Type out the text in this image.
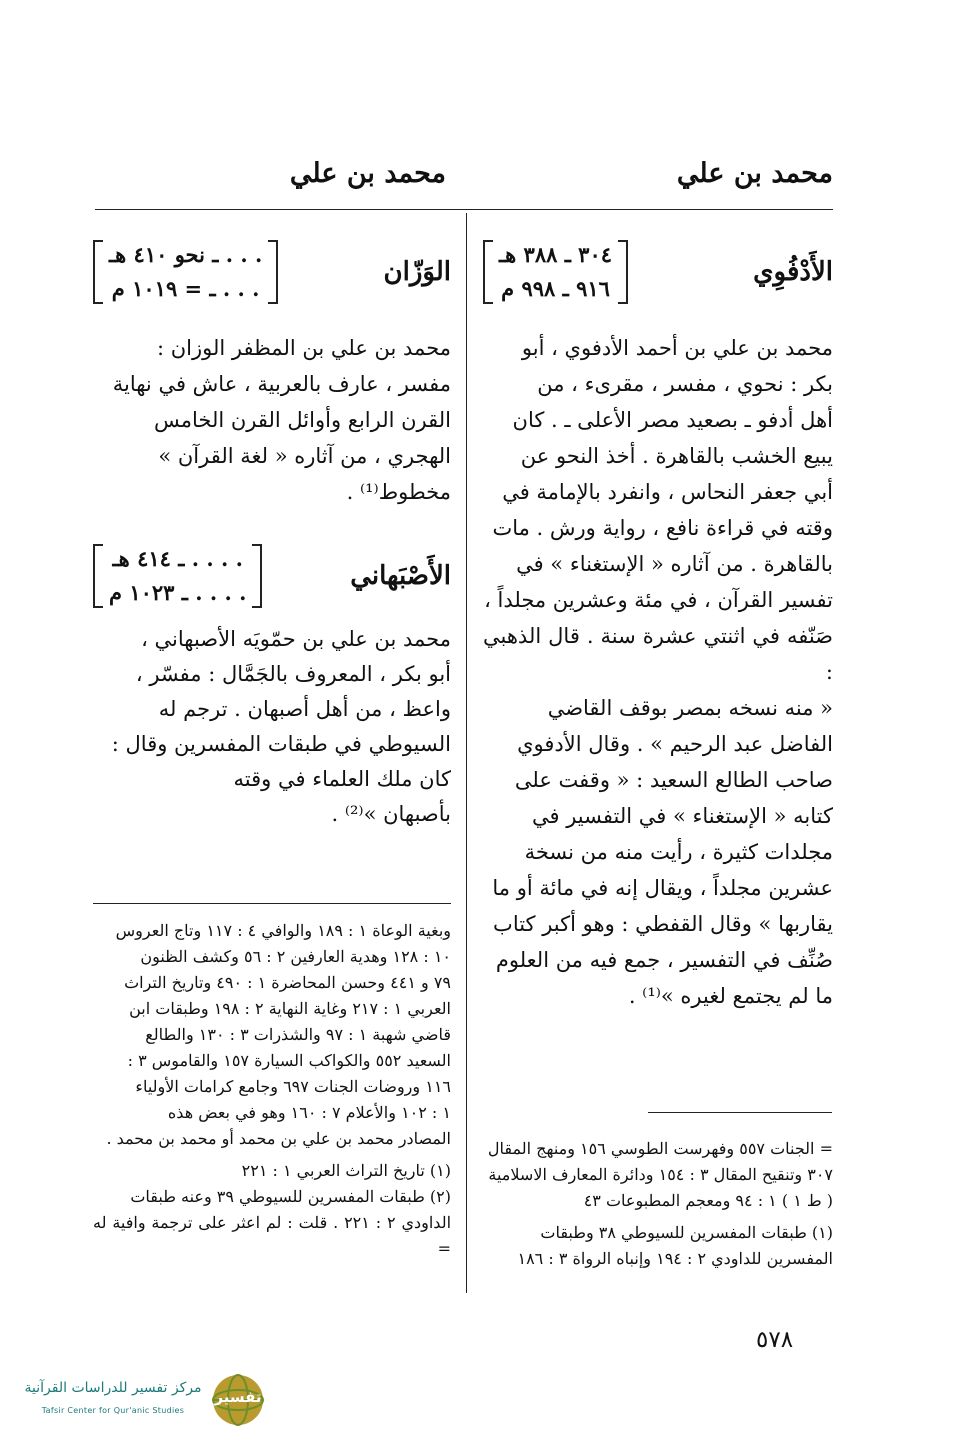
محمد بن علي
محمد بن علي
الأَدْفُوِي
٣٠٤ ـ ٣٨٨ هـ
٩١٦ ـ ٩٩٨ م
محمد بن علي بن أحمد الأدفوي ، أبو
بكر : نحوي ، مفسر ، مقرىء ، من
أهل أدفو ـ بصعيد مصر الأعلى ـ . كان
يبيع الخشب بالقاهرة . أخذ النحو عن
أبي جعفر النحاس ، وانفرد بالإمامة في
وقته في قراءة نافع ، رواية ورش . مات
بالقاهرة . من آثاره « الإستغناء » في
تفسير القرآن ، في مئة وعشرين مجلداً ،
صَنّفه في اثنتي عشرة سنة . قال الذهبي :
« منه نسخه بمصر بوقف القاضي
الفاضل عبد الرحيم » . وقال الأدفوي
صاحب الطالع السعيد : « وقفت على
كتابه « الإستغناء » في التفسير في
مجلدات كثيرة ، رأيت منه من نسخة
عشرين مجلداً ، ويقال إنه في مائة أو ما
يقاربها » وقال القفطي : وهو أكبر كتاب
صُنِّف في التفسير ، جمع فيه من العلوم
ما لم يجتمع لغيره »⁽¹⁾ .
الوَزّان
. . . ـ نحو ٤١٠ هـ
. . . ـ = ١٠١٩ م
محمد بن علي بن المظفر الوزان :
مفسر ، عارف بالعربية ، عاش في نهاية
القرن الرابع وأوائل القرن الخامس
الهجري ، من آثاره « لغة القرآن »
مخطوط⁽¹⁾ .
الأَصْبَهاني
. . . . ـ ٤١٤ هـ
. . . . ـ ١٠٢٣ م
محمد بن علي بن حمّويَه الأصبهاني ،
أبو بكر ، المعروف بالجَمَّال : مفسّر ،
واعظ ، من أهل أصبهان . ترجم له
السيوطي في طبقات المفسرين وقال :
كان ملك العلماء في وقته
بأصبهان »⁽²⁾ .

= الجنات ٥٥٧ وفهرست الطوسي ١٥٦ ومنهج المقال

٣٠٧ وتنقيح المقال ٣ : ١٥٤ ودائرة المعارف الاسلامية

( ط ١ ) ١ : ٩٤ ومعجم المطبوعات ٤٣

(١) طبقات المفسرين للسيوطي ٣٨ وطبقات

المفسرين للداودي ٢ : ١٩٤ وإنباه الرواة ٣ : ١٨٦

وبغية الوعاة ١ : ١٨٩ والوافي ٤ : ١١٧ وتاج العروس

١٠ : ١٢٨ وهدية العارفين ٢ : ٥٦ وكشف الظنون

٧٩ و ٤٤١ وحسن المحاضرة ١ : ٤٩٠ وتاريخ التراث

العربي ١ : ٢١٧ وغاية النهاية ٢ : ١٩٨ وطبقات ابن

قاضي شهبة ١ : ٩٧ والشذرات ٣ : ١٣٠ والطالع

السعيد ٥٥٢ والكواكب السيارة ١٥٧ والقاموس ٣ :

١١٦ وروضات الجنات ٦٩٧ وجامع كرامات الأولياء

١ : ١٠٢ والأعلام ٧ : ١٦٠ وهو في بعض هذه

المصادر محمد بن علي بن محمد أو محمد بن محمد .

(١) تاريخ التراث العربي ١ : ٢٢١

(٢) طبقات المفسرين للسيوطي ٣٩ وعنه طبقات

الداودي ٢ : ٢٢١ . قلت : لم اعثر على ترجمة وافية له =

٥٧٨
مركز تفسير للدراسات القرآنية
Tafsir Center for Qur'anic Studies
تفسير
